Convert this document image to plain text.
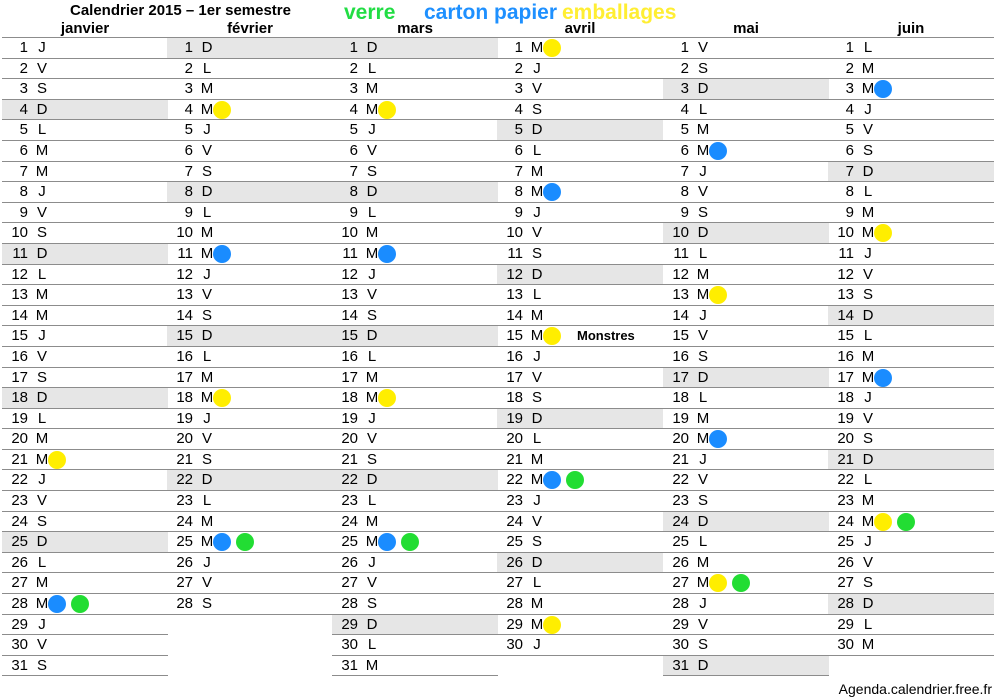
Calendrier 2015 – 1er semestre	verre carton papier emballages
janvier
1 J
2 V
3 S
4 D
5 L
6 M
7 M
8 J
9 V
10 S
11 D
12 L
13 M
14 M
15 J
16 V
17 S
18 D
19 L
20 M
21 M
22 J
23 V
24 S
25 D
26 L
27 M
28 M
29 J
30 V
31 S
février
1 D
2 L
3 M
4 M
5 J
6 V
7 S
8 D
9 L
10 M
11 M
12 J
13 V
14 S
15 D
16 L
17 M
18 M
19 J
20 V
21 S
22 D
23 L
24 M
25 M
26 J
27 V
28 S
mars
1 D
2 L
3 M
4 M
5 J
6 V
7 S
8 D
9 L
10 M
11 M
12 J
13 V
14 S
15 D
16 L
17 M
18 M
19 J
20 V
21 S
22 D
23 L
24 M
25 M
26 J
27 V
28 S
29 D
30 L
31 M
avril
1 M
2 J
3 V
4 S
5 D
6 L
7 M
8 M
9 J
10 V
11 S
12 D
13 L
14 M
15 M	Monstres
16 J
17 V
18 S
19 D
20 L
21 M
22 M
23 J
24 V
25 S
26 D
27 L
28 M
29 M
30 J
mai
1 V
2 S
3 D
4 L
5 M
6 M
7 J
8 V
9 S
10 D
11 L
12 M
13 M
14 J
15 V
16 S
17 D
18 L
19 M
20 M
21 J
22 V
23 S
24 D
25 L
26 M
27 M
28 J
29 V
30 S
31 D
juin
1 L
2 M
3 M
4 J
5 V
6 S
7 D
8 L
9 M
10 M
11 J
12 V
13 S
14 D
15 L
16 M
17 M
18 J
19 V
20 S
21 D
22 L
23 M
24 M
25 J
26 V
27 S
28 D
29 L
30 M
Agenda.calendrier.free.fr
